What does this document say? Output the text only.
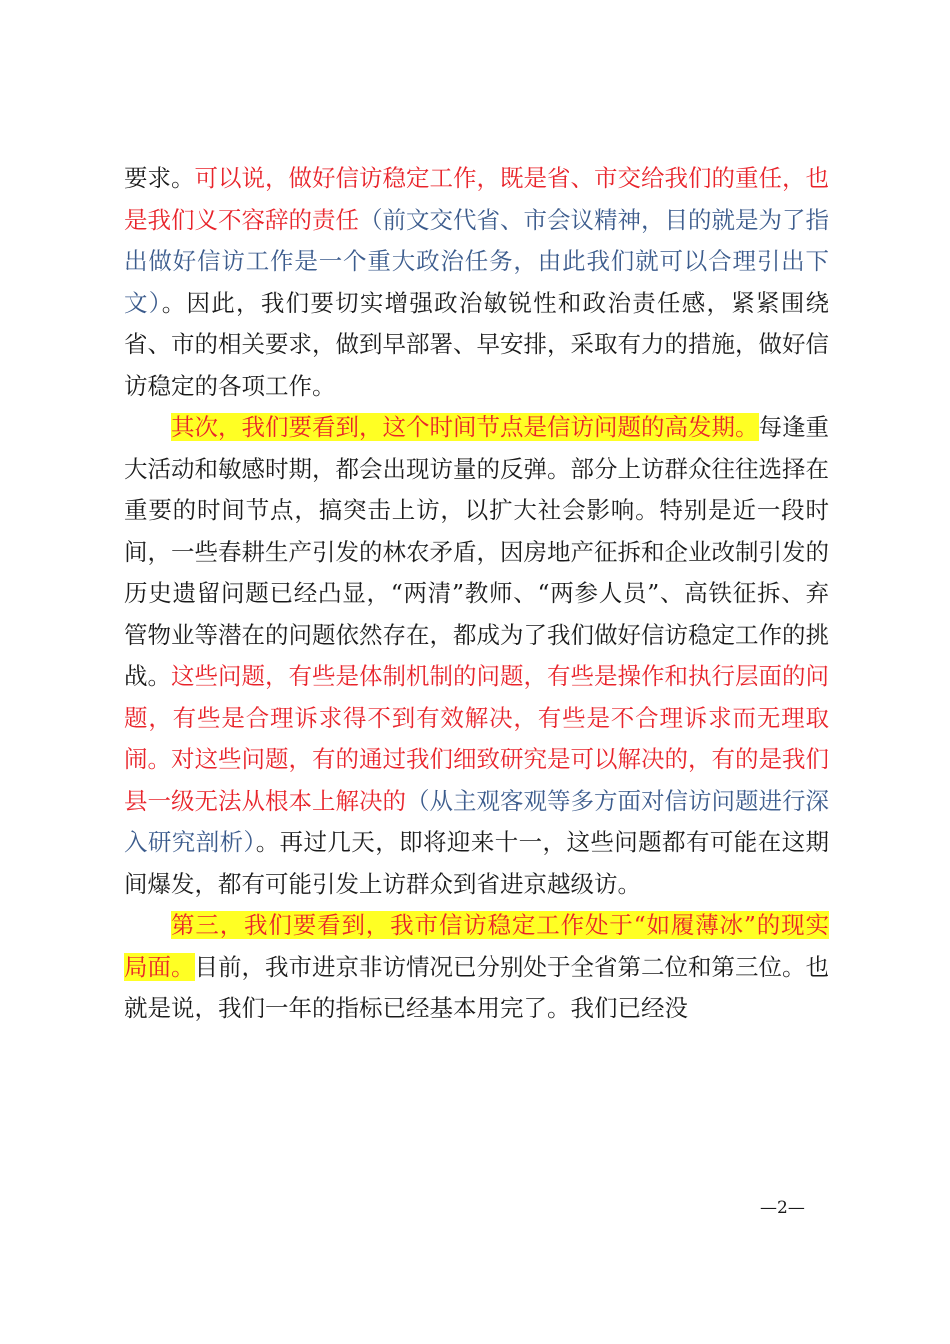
要求。可以说，做好信访稳定工作，既是省、市交给我们的重任，也是我们义不容辞的责任（前文交代省、市会议精神，目的就是为了指出做好信访工作是一个重大政治任务，由此我们就可以合理引出下文）。因此，我们要切实增强政治敏锐性和政治责任感，紧紧围绕省、市的相关要求，做到早部署、早安排，采取有力的措施，做好信访稳定的各项工作。

其次，我们要看到，这个时间节点是信访问题的高发期。每逢重大活动和敏感时期，都会出现访量的反弹。部分上访群众往往选择在重要的时间节点，搞突击上访，以扩大社会影响。特别是近一段时间，一些春耕生产引发的林农矛盾，因房地产征拆和企业改制引发的历史遗留问题已经凸显，“两清”教师、“两参人员”、高铁征拆、弃管物业等潜在的问题依然存在，都成为了我们做好信访稳定工作的挑战。这些问题，有些是体制机制的问题，有些是操作和执行层面的问题，有些是合理诉求得不到有效解决，有些是不合理诉求而无理取闹。对这些问题，有的通过我们细致研究是可以解决的，有的是我们县一级无法从根本上解决的（从主观客观等多方面对信访问题进行深入研究剖析）。再过几天，即将迎来十一，这些问题都有可能在这期间爆发，都有可能引发上访群众到省进京越级访。

第三，我们要看到，我市信访稳定工作处于“如履薄冰”的现实局面。目前，我市进京非访情况已分别处于全省第二位和第三位。也就是说，我们一年的指标已经基本用完了。我们已经没

—2—
